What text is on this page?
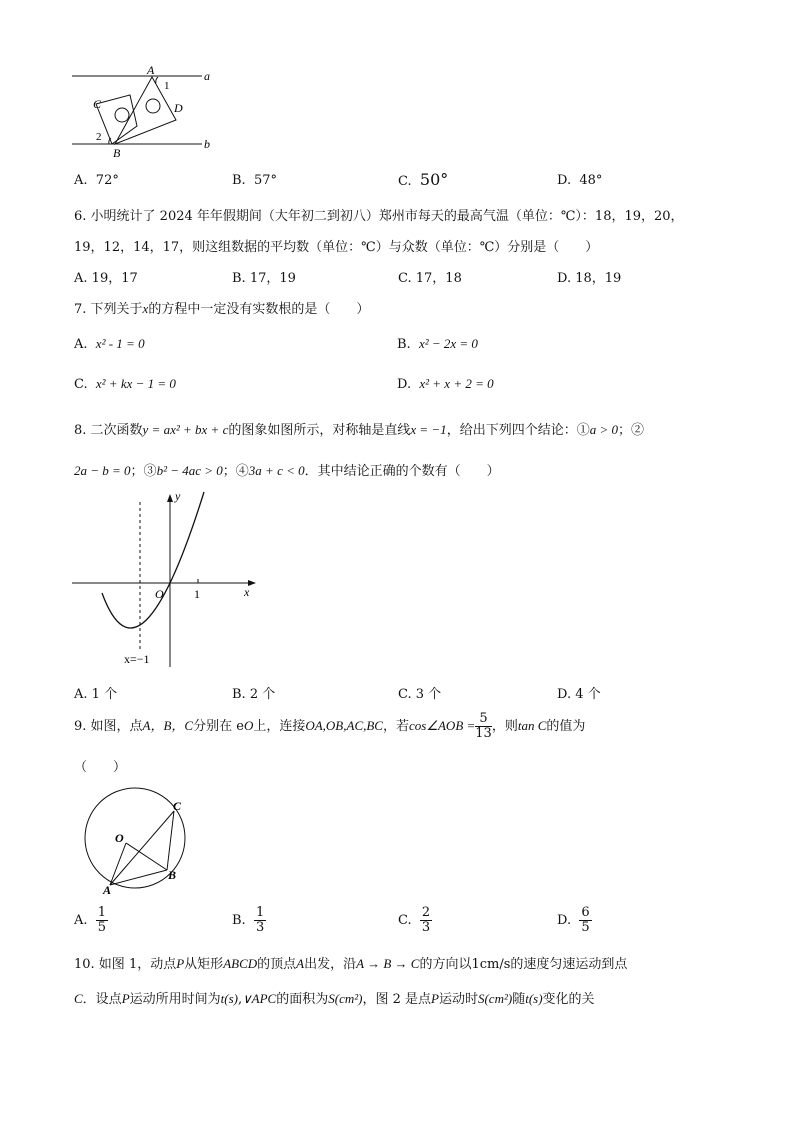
A	a
1
C	D
2
B
b
A. 72°	B. 57°	C. 50°	D. 48°
6. 小明统计了 2024 年年假期间（大年初二到初八）郑州市每天的最高气温（单位：℃）：18，19，20，
19，12，14，17，则这组数据的平均数（单位：℃）与众数（单位：℃）分别是（　　）
A. 19，17	B. 17，19	C. 17，18	D. 18，19
7. 下列关于x的方程中一定没有实数根的是（　　）
A. x² - 1 = 0	B. x² − 2x = 0
C. x² + kx − 1 = 0	D. x² + x + 2 = 0
8. 二次函数y = ax² + bx + c的图象如图所示，对称轴是直线x = −1，给出下列四个结论：①a > 0；②
2a − b = 0；③b² − 4ac > 0；④3a + c < 0．其中结论正确的个数有（　　）
y
x
O	1
x=−1
A. 1 个	B. 2 个	C. 3 个	D. 4 个
9. 如图，点A，B，C分别在 eO上，连接OA,OB,AC,BC，若cos∠AOB = $\frac{5}{13}$ ，则tan C的值为
（　　）
O
C
A
B
A. $\frac{1}{5}$	B. $\frac{1}{3}$	C. $\frac{2}{3}$	D. $\frac{6}{5}$
10. 如图 1，动点P从矩形ABCD的顶点A出发，沿A → B → C的方向以1cm/s的速度匀速运动到点
C．设点P运动所用时间为t(s),∨APC的面积为S(cm²)，图 2 是点P运动时S(cm²)随t(s)变化的关
